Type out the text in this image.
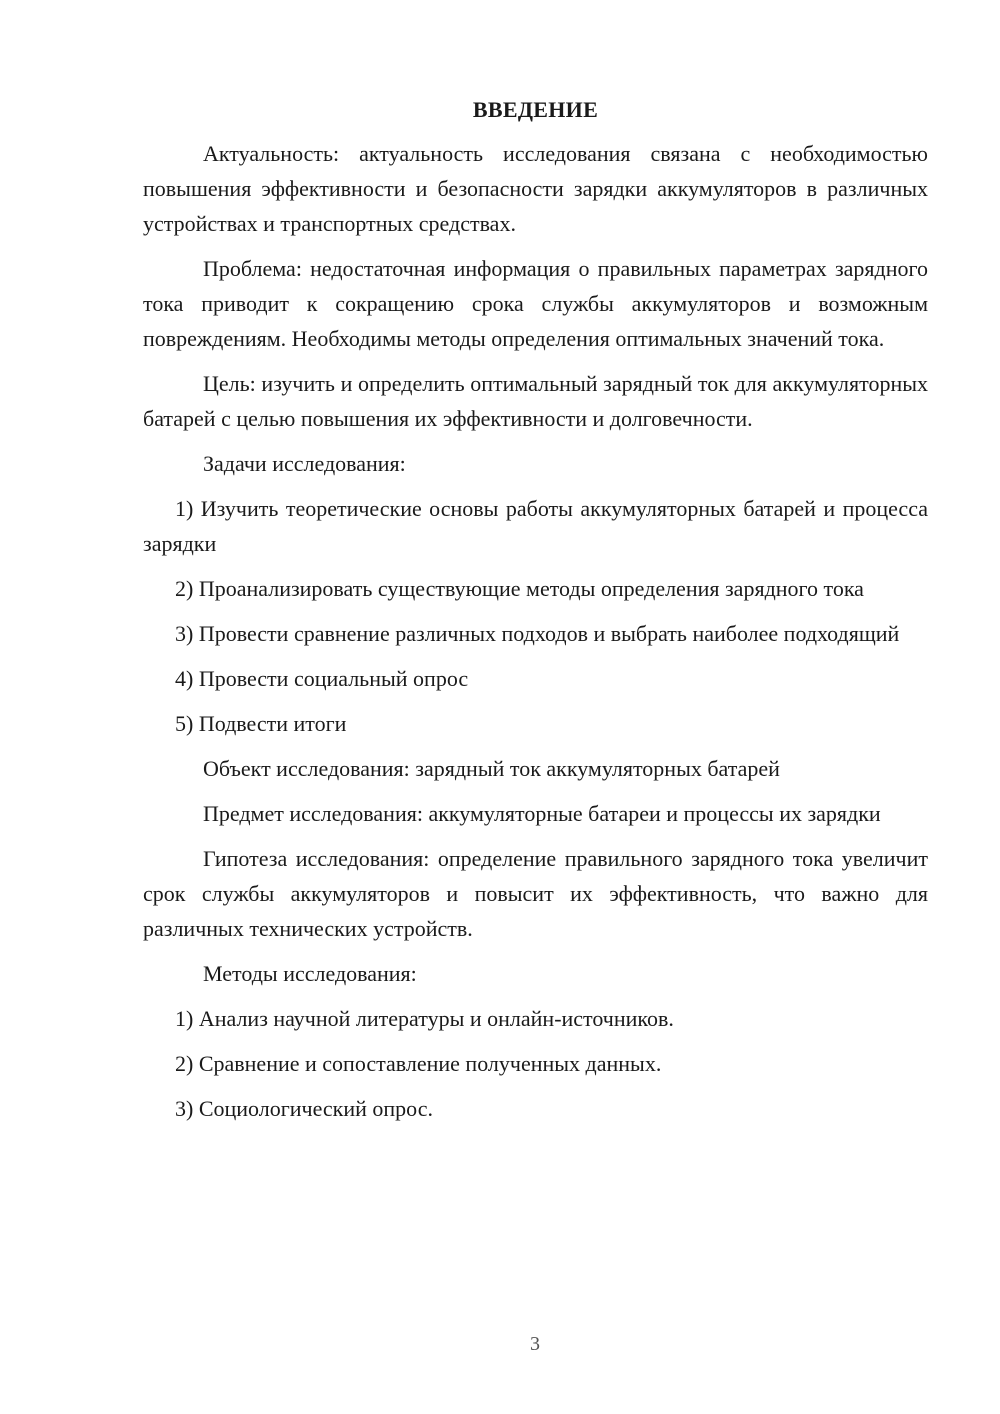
ВВЕДЕНИЕ

Актуальность: актуальность исследования связана с необходимостью повышения эффективности и безопасности зарядки аккумуляторов в различных устройствах и транспортных средствах.

Проблема: недостаточная информация о правильных параметрах зарядного тока приводит к сокращению срока службы аккумуляторов и возможным повреждениям. Необходимы методы определения оптимальных значений тока.

Цель: изучить и определить оптимальный зарядный ток для аккумуляторных батарей с целью повышения их эффективности и долговечности.

Задачи исследования:

1) Изучить теоретические основы работы аккумуляторных батарей и процесса зарядки

2) Проанализировать существующие методы определения зарядного тока

3) Провести сравнение различных подходов и выбрать наиболее подходящий

4) Провести социальный опрос

5) Подвести итоги

Объект исследования: зарядный ток аккумуляторных батарей

Предмет исследования: аккумуляторные батареи и процессы их зарядки

Гипотеза исследования: определение правильного зарядного тока увеличит срок службы аккумуляторов и повысит их эффективность, что важно для различных технических устройств.

Методы исследования:

1) Анализ научной литературы и онлайн-источников.

2) Сравнение и сопоставление полученных данных.

3) Социологический опрос.

3
